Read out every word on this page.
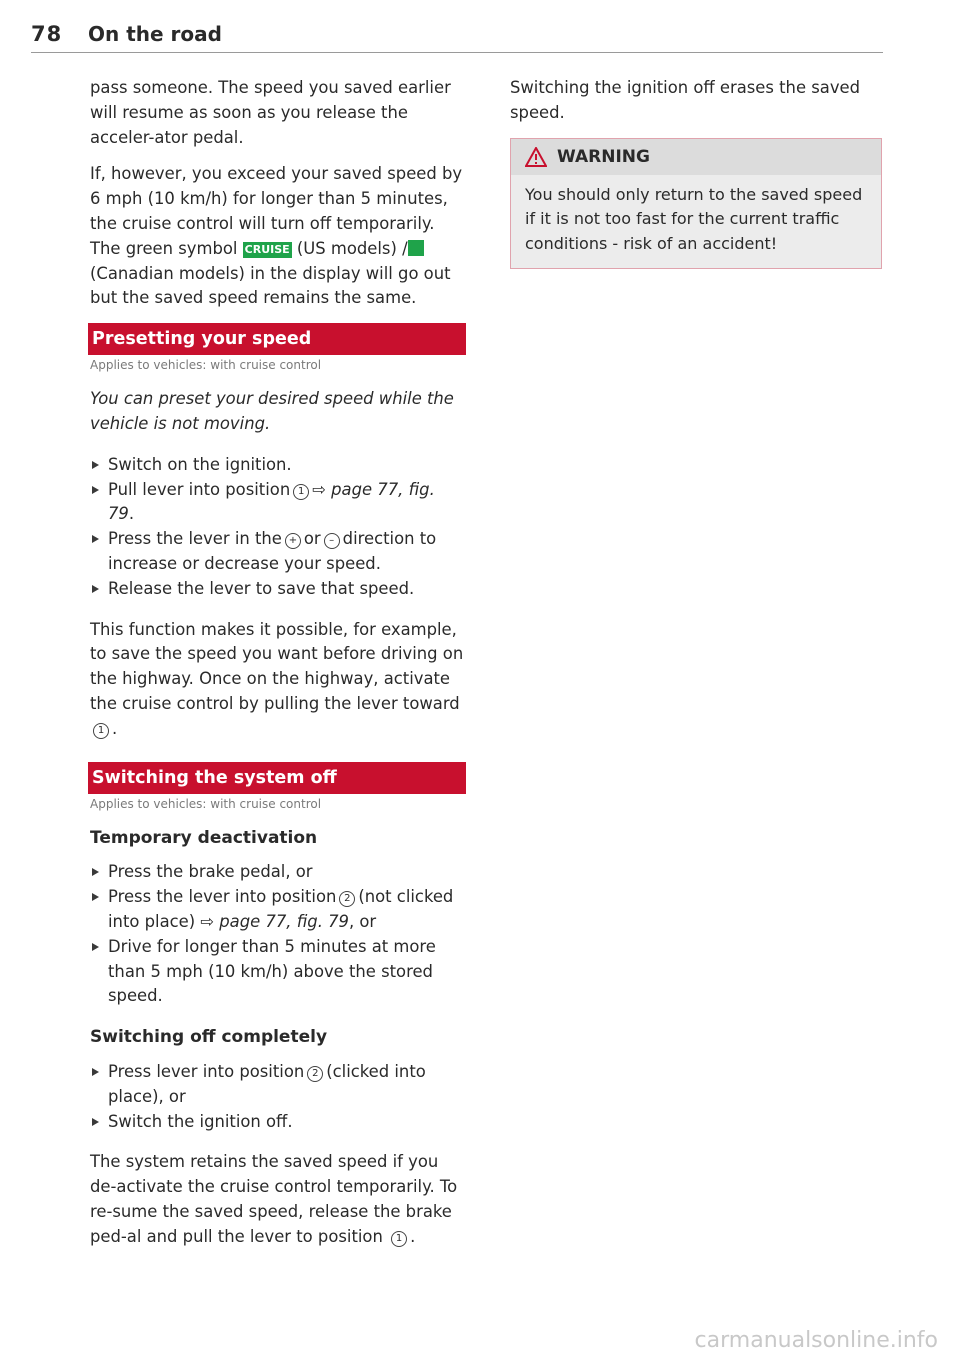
78 On the road

pass someone. The speed you saved earlier will resume as soon as you release the acceler-ator pedal.

If, however, you exceed your saved speed by 6 mph (10 km/h) for longer than 5 minutes, the cruise control will turn off temporarily. The green symbol CRUISE (US models) / (Canadian models) in the display will go out but the saved speed remains the same.

Presetting your speed
Applies to vehicles: with cruise control

You can preset your desired speed while the vehicle is not moving.

Switch on the ignition.
Pull lever into position 1 ⇨ page 77, fig. 79.
Press the lever in the + or – direction to increase or decrease your speed.
Release the lever to save that speed.

This function makes it possible, for example, to save the speed you want before driving on the highway. Once on the highway, activate the cruise control by pulling the lever toward 1 .

Switching the system off
Applies to vehicles: with cruise control
Temporary deactivation
Press the brake pedal, or
Press the lever into position 2 (not clicked into place) ⇨ page 77, fig. 79, or
Drive for longer than 5 minutes at more than 5 mph (10 km/h) above the stored speed.
Switching off completely
Press lever into position 2 (clicked into place), or
Switch the ignition off.

The system retains the saved speed if you de-activate the cruise control temporarily. To re-sume the saved speed, release the brake ped-al and pull the lever to position 1 .

Switching the ignition off erases the saved speed.

WARNING
You should only return to the saved speed if it is not too fast for the current traffic conditions - risk of an accident!
carmanualsonline.info
